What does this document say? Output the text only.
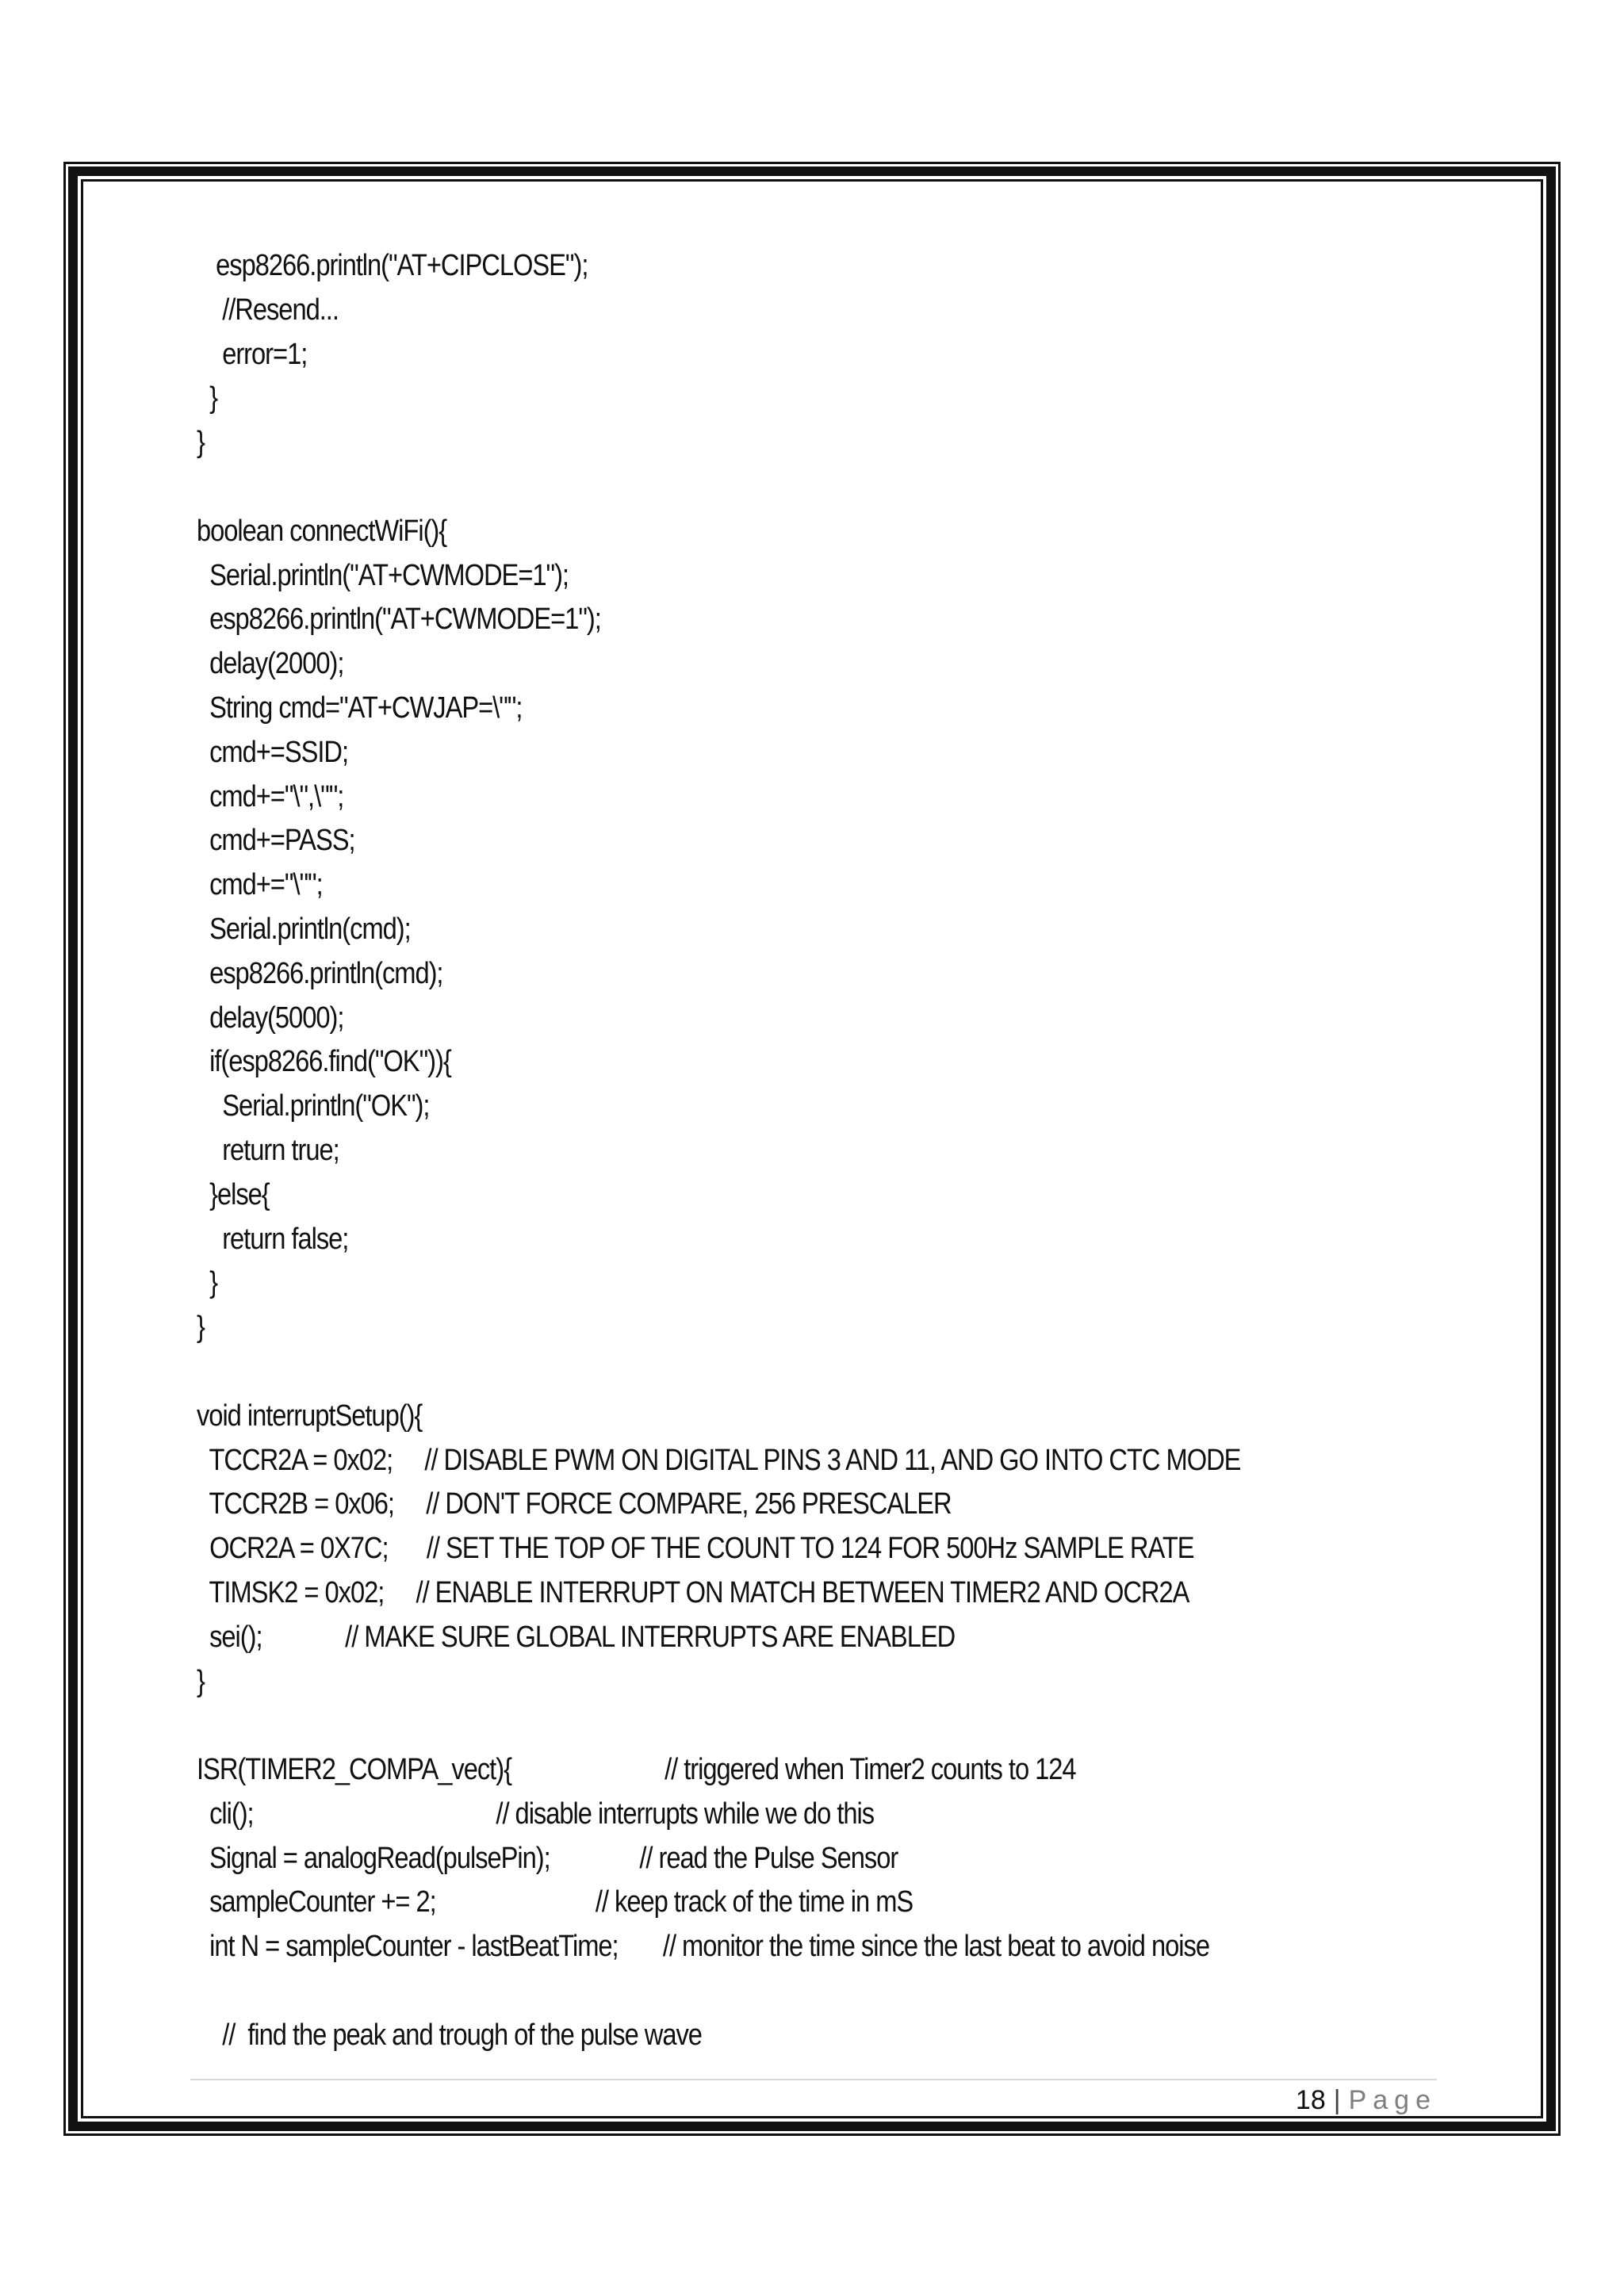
esp8266.println("AT+CIPCLOSE");
//Resend...
error=1;
}
}
boolean connectWiFi(){
Serial.println("AT+CWMODE=1");
esp8266.println("AT+CWMODE=1");
delay(2000);
String cmd="AT+CWJAP=\"";
cmd+=SSID;
cmd+="\",\"";
cmd+=PASS;
cmd+="\"";
Serial.println(cmd);
esp8266.println(cmd);
delay(5000);
if(esp8266.find("OK")){
Serial.println("OK");
return true;
}else{
return false;
}
}
void interruptSetup(){
TCCR2A = 0x02;     // DISABLE PWM ON DIGITAL PINS 3 AND 11, AND GO INTO CTC MODE
TCCR2B = 0x06;     // DON'T FORCE COMPARE, 256 PRESCALER
OCR2A = 0X7C;      // SET THE TOP OF THE COUNT TO 124 FOR 500Hz SAMPLE RATE
TIMSK2 = 0x02;     // ENABLE INTERRUPT ON MATCH BETWEEN TIMER2 AND OCR2A
sei();             // MAKE SURE GLOBAL INTERRUPTS ARE ENABLED
}
ISR(TIMER2_COMPA_vect){                        // triggered when Timer2 counts to 124
cli();                                      // disable interrupts while we do this
Signal = analogRead(pulsePin);              // read the Pulse Sensor
sampleCounter += 2;                         // keep track of the time in mS
int N = sampleCounter - lastBeatTime;       // monitor the time since the last beat to avoid noise
//  find the peak and trough of the pulse wave
18 | Page
